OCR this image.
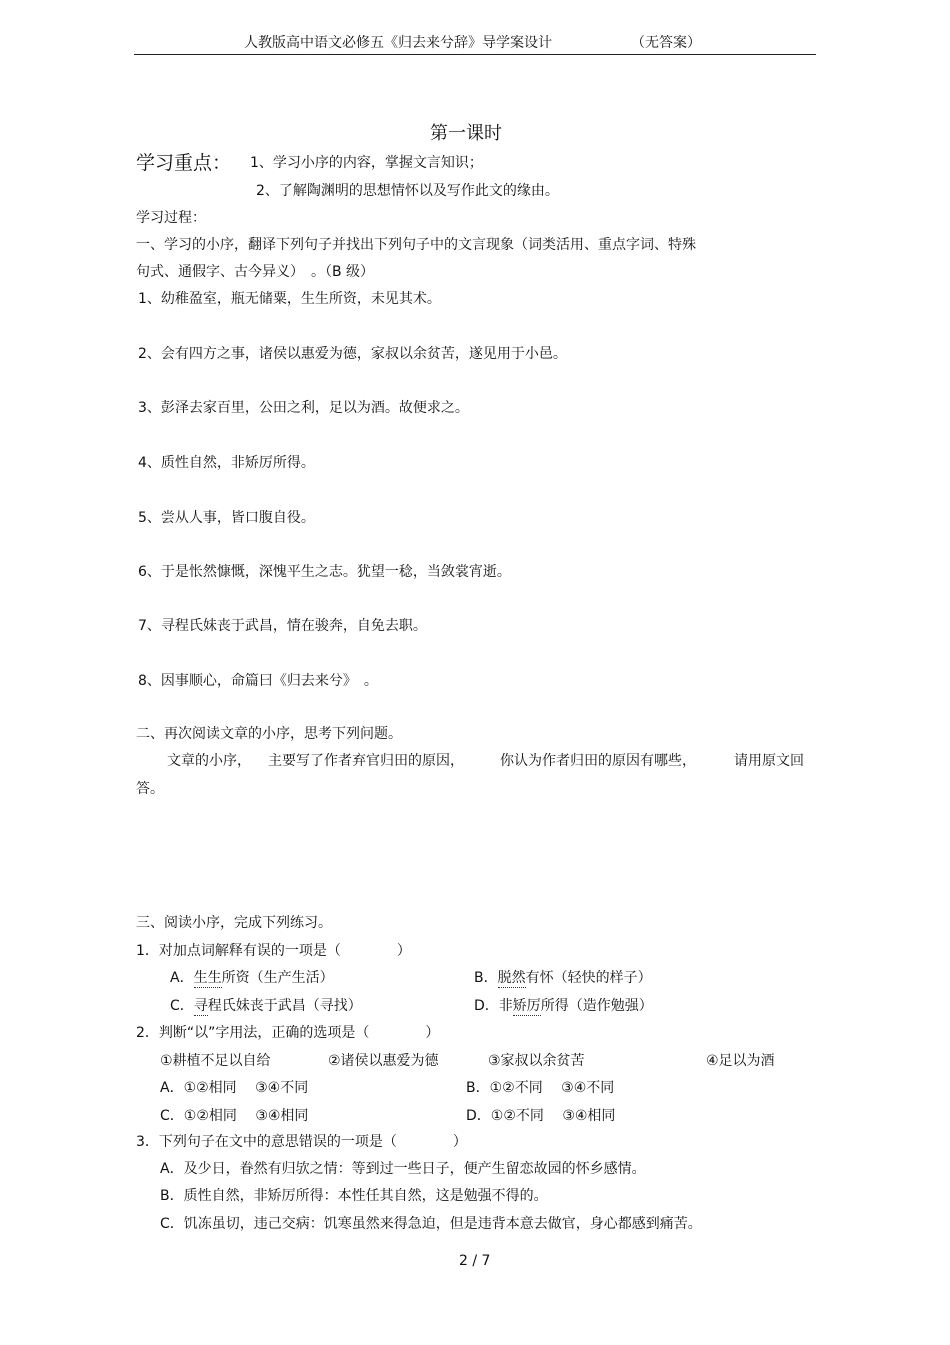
人教版高中语文必修五《归去来兮辞》导学案设计	（无答案）
第一课时
学习重点： 1、学习小序的内容，掌握文言知识；
2、了解陶渊明的思想情怀以及写作此文的缘由。
学习过程：
一、学习的小序，翻译下列句子并找出下列句子中的文言现象（词类活用、重点字词、特殊
句式、通假字、古今异义）　。（B 级）
1、幼稚盈室，瓶无储粟，生生所资，未见其术。
2、会有四方之事，诸侯以惠爱为德，家叔以余贫苦，遂见用于小邑。
3、彭泽去家百里，公田之利，足以为酒。故便求之。
4、质性自然，非矫厉所得。
5、尝从人事，皆口腹自役。
6、于是怅然慷慨，深愧平生之志。犹望一稔，当敛裳宵逝。
7、寻程氏妹丧于武昌，情在骏奔，自免去职。
8、因事顺心，命篇曰《归去来兮》　。
二、再次阅读文章的小序，思考下列问题。
文章的小序， 主要写了作者弃官归田的原因，	你认为作者归田的原因有哪些，	请用原文回
答。
三、阅读小序，完成下列练习。
1．对加点词解释有误的一项是（　　　　）
A．生生所资（生产生活）	B．脱然有怀（轻快的样子）
C．寻程氏妹丧于武昌（寻找）	D．非矫厉所得（造作勉强）
2．判断“以”字用法，正确的选项是（　　　　）
①耕植不足以自给	②诸侯以惠爱为德	③家叔以余贫苦	④足以为酒
A．①②相同　 ③④不同	B．①②不同　 ③④不同
C．①②相同　 ③④相同	D．①②不同　 ③④相同
3．下列句子在文中的意思错误的一项是（　　　　）
A．及少日，眷然有归欤之情：等到过一些日子，便产生留恋故园的怀乡感情。
B．质性自然，非矫厉所得：本性任其自然，这是勉强不得的。
C．饥冻虽切，违己交病：饥寒虽然来得急迫，但是违背本意去做官，身心都感到痛苦。
2 / 7
